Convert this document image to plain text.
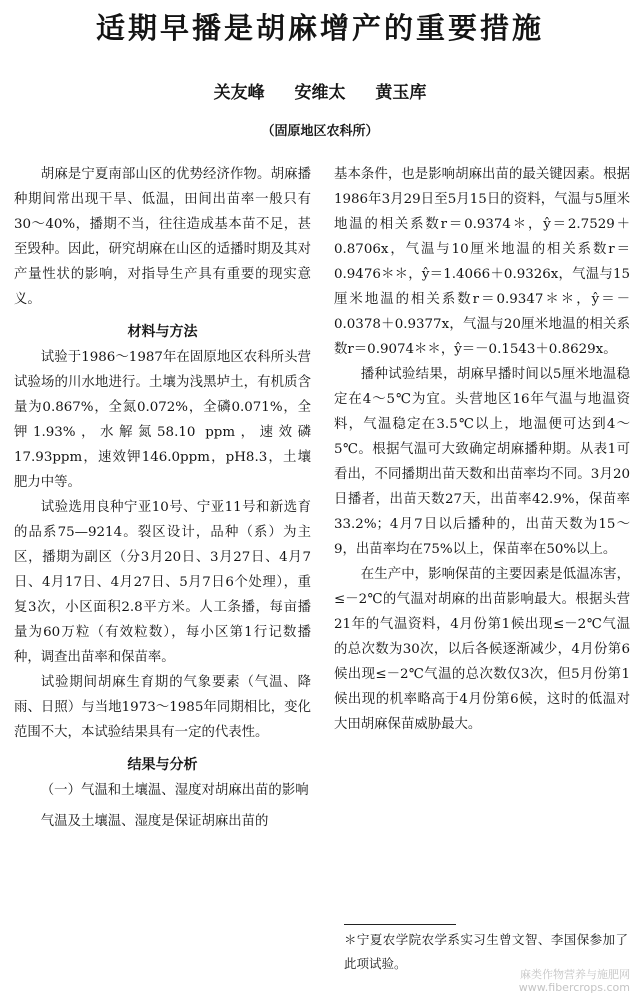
适期早播是胡麻增产的重要措施
关友峰 安维太 黄玉库
（固原地区农科所）

胡麻是宁夏南部山区的优势经济作物。胡麻播种期间常出现干旱、低温，田间出苗率一般只有30～40%，播期不当，往往造成基本苗不足，甚至毁种。因此，研究胡麻在山区的适播时期及其对产量性状的影响，对指导生产具有重要的现实意义。

材料与方法

试验于1986～1987年在固原地区农科所头营试验场的川水地进行。土壤为浅黑垆土，有机质含量为0.867%，全氮0.072%，全磷0.071%，全钾1.93%，水解氮58.10 ppm，速效磷17.93ppm，速效钾146.0ppm，pH8.3，土壤肥力中等。

试验选用良种宁亚10号、宁亚11号和新选育的品系75—9214。裂区设计，品种（系）为主区，播期为副区（分3月20日、3月27日、4月7日、4月17日、4月27日、5月7日6个处理），重复3次，小区面积2.8平方米。人工条播，每亩播量为60万粒（有效粒数），每小区第1行记数播种，调查出苗率和保苗率。

试验期间胡麻生育期的气象要素（气温、降雨、日照）与当地1973～1985年同期相比，变化范围不大，本试验结果具有一定的代表性。

结果与分析

（一）气温和土壤温、湿度对胡麻出苗的影响

气温及土壤温、湿度是保证胡麻出苗的

基本条件，也是影响胡麻出苗的最关键因素。根据1986年3月29日至5月15日的资料，气温与5厘米地温的相关系数r＝0.9374＊，ŷ＝2.7529＋0.8706x，气温与10厘米地温的相关系数r＝0.9476＊＊，ŷ＝1.4066＋0.9326x，气温与15厘米地温的相关系数r＝0.9347＊＊，ŷ＝－0.0378＋0.9377x，气温与20厘米地温的相关系数r＝0.9074＊＊，ŷ＝－0.1543＋0.8629x。

播种试验结果，胡麻早播时间以5厘米地温稳定在4～5℃为宜。头营地区16年气温与地温资料，气温稳定在3.5℃以上，地温便可达到4～5℃。根据气温可大致确定胡麻播种期。从表1可看出，不同播期出苗天数和出苗率均不同。3月20日播者，出苗天数27天，出苗率42.9%，保苗率33.2%；4月7日以后播种的，出苗天数为15～9，出苗率均在75%以上，保苗率在50%以上。

在生产中，影响保苗的主要因素是低温冻害，≤－2℃的气温对胡麻的出苗影响最大。根据头营21年的气温资料，4月份第1候出现≤－2℃气温的总次数为30次，以后各候逐渐减少，4月份第6候出现≤－2℃气温的总次数仅3次，但5月份第1候出现的机率略高于4月份第6候，这时的低温对大田胡麻保苗威胁最大。

＊宁夏农学院农学系实习生曾文智、李国保参加了此项试验。
麻类作物营养与施肥网
www.fibercrops.com
